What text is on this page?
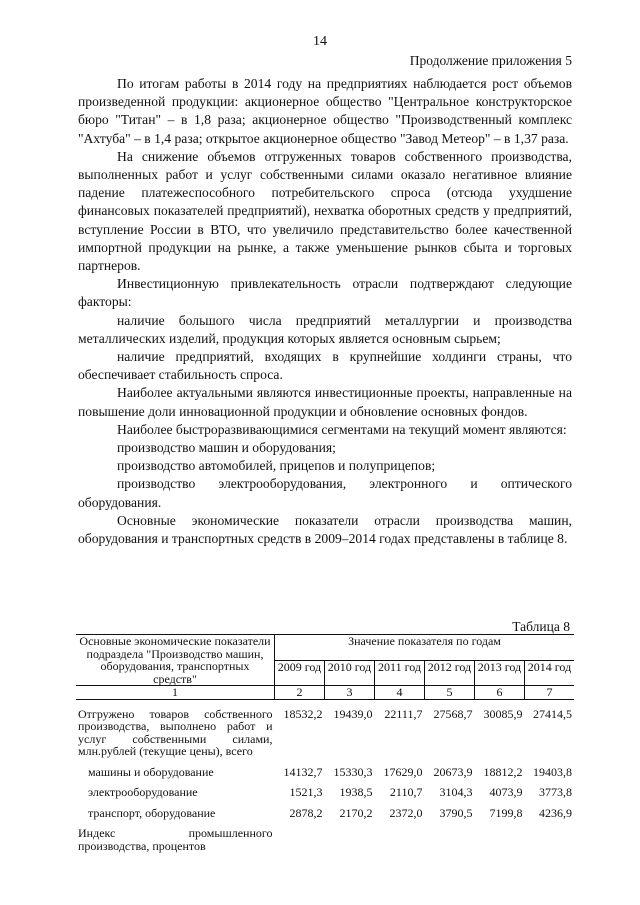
14
Продолжение приложения 5

По итогам работы в 2014 году на предприятиях наблюдается рост объемов произведенной продукции: акционерное общество "Центральное конструкторское бюро "Титан" – в 1,8 раза; акционерное общество "Производственный комплекс "Ахтуба" – в 1,4 раза; открытое акционерное общество "Завод Метеор" – в 1,37 раза.

На снижение объемов отгруженных товаров собственного производства, выполненных работ и услуг собственными силами оказало негативное влияние падение платежеспособного потребительского спроса (отсюда ухудшение финансовых показателей предприятий), нехватка оборотных средств у предприятий, вступление России в ВТО, что увеличило представительство более качественной импортной продукции на рынке, а также уменьшение рынков сбыта и торговых партнеров.

Инвестиционную привлекательность отрасли подтверждают следующие факторы:

наличие большого числа предприятий металлургии и производства металлических изделий, продукция которых является основным сырьем;

наличие предприятий, входящих в крупнейшие холдинги страны, что обеспечивает стабильность спроса.

Наиболее актуальными являются инвестиционные проекты, направленные на повышение доли инновационной продукции и обновление основных фондов.

Наиболее быстроразвивающимися сегментами на текущий момент являются:

производство машин и оборудования;

производство автомобилей, прицепов и полуприцепов;

производство электрооборудования, электронного и оптического оборудования.

Основные экономические показатели отрасли производства машин, оборудования и транспортных средств в 2009–2014 годах представлены в таблице 8.

Таблица 8
Основные экономические показатели подраздела "Производство машин, оборудования, транспортных средств"	Значение показателя по годам					
	2009 год	2010 год	2011 год	2012 год	2013 год	2014 год
1	2	3	4	5	6	7

Отгружено товаров собственного производства, выполнено работ и услуг собственными силами, млн.рублей (текущие цены), всего	18532,2	19439,0	22111,7	27568,7	30085,9	27414,5

машины и оборудование	14132,7	15330,3	17629,0	20673,9	18812,2	19403,8

электрооборудование	1521,3	1938,5	2110,7	3104,3	4073,9	3773,8

транспорт, оборудование	2878,2	2170,2	2372,0	3790,5	7199,8	4236,9

Индекс промышленного производства, процентов						
